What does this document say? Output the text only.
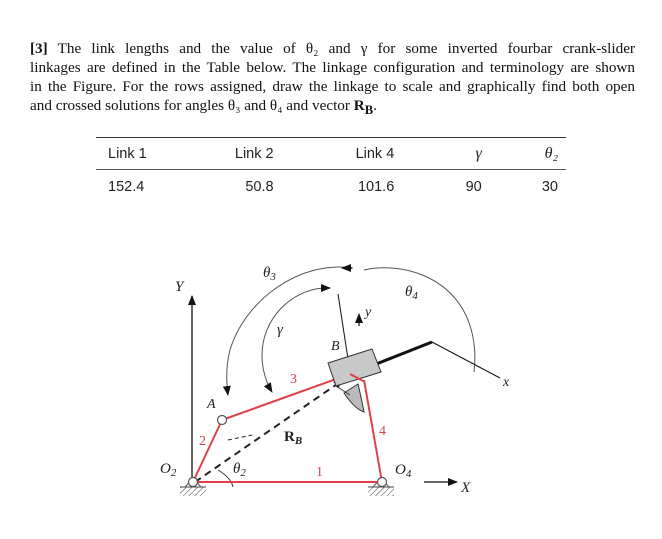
[3] The link lengths and the value of θ₂ and γ for some inverted fourbar crank-slider
linkages are defined in the Table below. The linkage configuration and terminology are shown
in the Figure. For the rows assigned, draw the linkage to scale and graphically find both open
and crossed solutions for angles θ₃ and θ₄ and vector $R_B$.
Link 1	Link 2	Link 4	γ	θ₂
152.4	50.8	101.6	90	30
Y
X
$\theta_3$
$\theta_4$
γ
y
x
B
A
$R_B$
$\theta_2$
$O_2$	$O_4$
1
2
3
4
